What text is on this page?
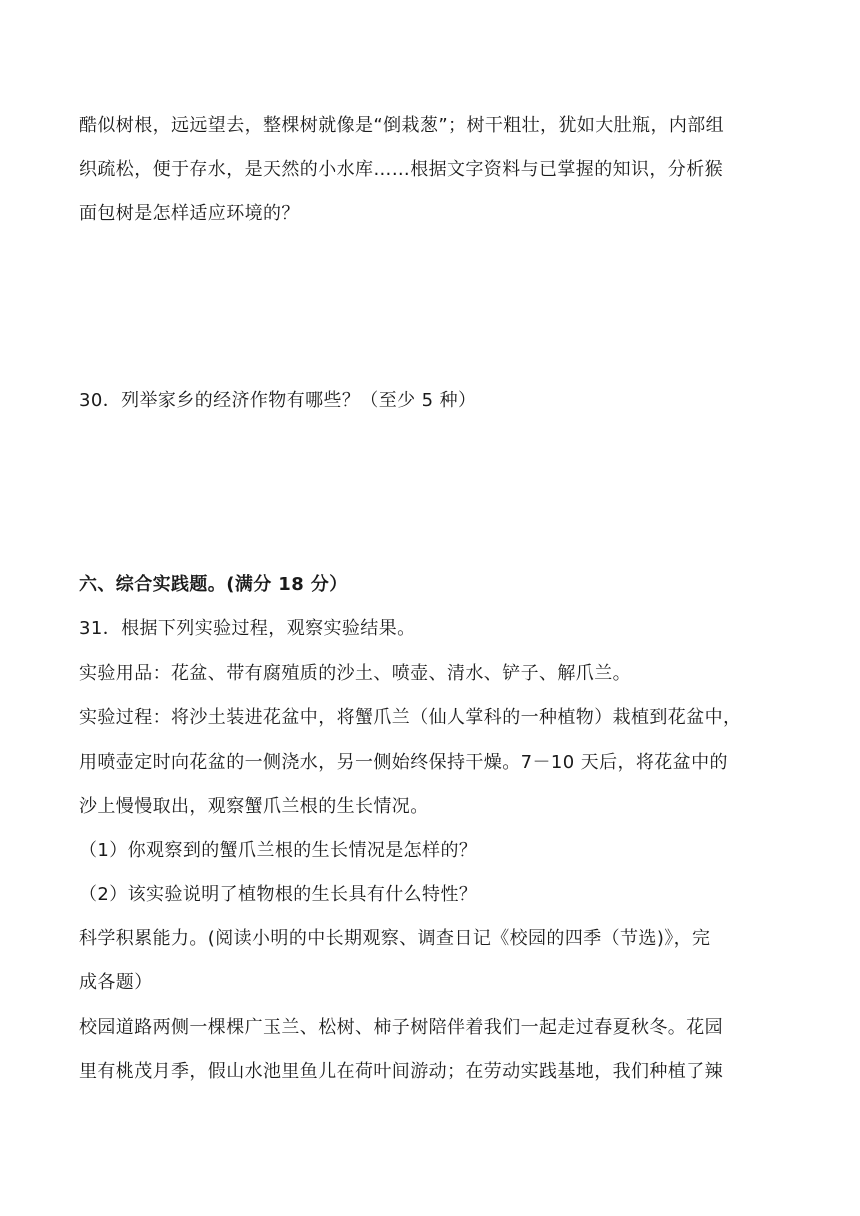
酷似树根，远远望去，整棵树就像是“倒栽葱”；树干粗壮，犹如大肚瓶，内部组
织疏松，便于存水，是天然的小水库……根据文字资料与已掌握的知识，分析猴
面包树是怎样适应环境的？
30．列举家乡的经济作物有哪些？（至少 5 种）
六、综合实践题。(满分 18 分）
31．根据下列实验过程，观察实验结果。
实验用品：花盆、带有腐殖质的沙土、喷壶、清水、铲子、解爪兰。
实验过程：将沙土装进花盆中，将蟹爪兰（仙人掌科的一种植物）栽植到花盆中，
用喷壶定时向花盆的一侧浇水，另一侧始终保持干燥。7－10 天后，将花盆中的
沙上慢慢取出，观察蟹爪兰根的生长情况。
（1）你观察到的蟹爪兰根的生长情况是怎样的？
（2）该实验说明了植物根的生长具有什么特性？
科学积累能力。(阅读小明的中长期观察、调查日记《校园的四季（节选)》，完
成各题）
校园道路两侧一棵棵广玉兰、松树、柿子树陪伴着我们一起走过春夏秋冬。花园
里有桃茂月季，假山水池里鱼儿在荷叶间游动；在劳动实践基地，我们种植了辣
